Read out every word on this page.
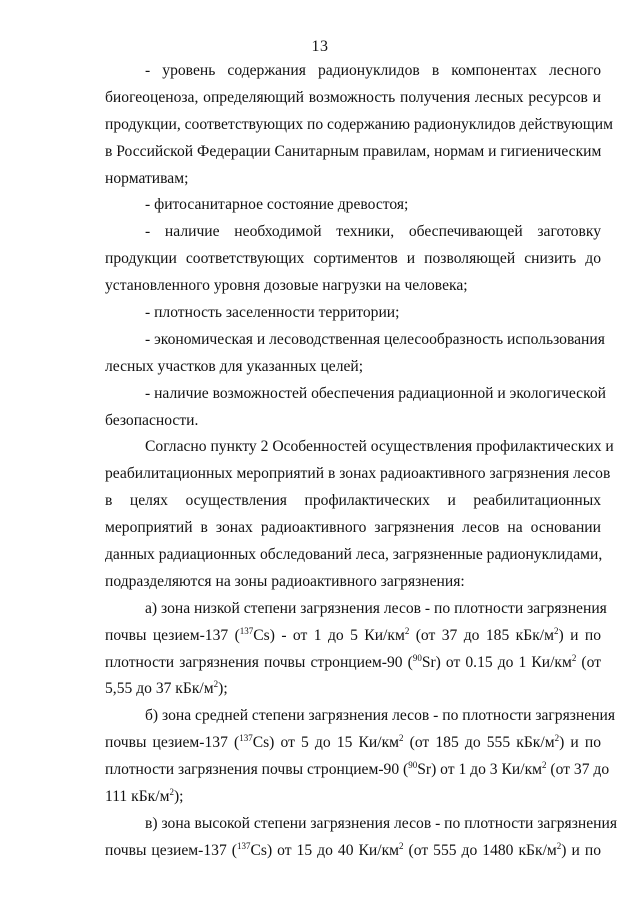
13
- уровень содержания радионуклидов в компонентах лесного
биогеоценоза, определяющий возможность получения лесных ресурсов и
продукции, соответствующих по содержанию радионуклидов действующим
в Российской Федерации Санитарным правилам, нормам и гигиеническим
нормативам;
- фитосанитарное состояние древостоя;
- наличие необходимой техники, обеспечивающей заготовку
продукции соответствующих сортиментов и позволяющей снизить до
установленного уровня дозовые нагрузки на человека;
- плотность заселенности территории;
- экономическая и лесоводственная целесообразность использования
лесных участков для указанных целей;
- наличие возможностей обеспечения радиационной и экологической
безопасности.
Согласно пункту 2 Особенностей осуществления профилактических и
реабилитационных мероприятий в зонах радиоактивного загрязнения лесов
в целях осуществления профилактических и реабилитационных
мероприятий в зонах радиоактивного загрязнения лесов на основании
данных радиационных обследований леса, загрязненные радионуклидами,
подразделяются на зоны радиоактивного загрязнения:
а) зона низкой степени загрязнения лесов - по плотности загрязнения
почвы цезием-137 ($^{137}$Cs) - от 1 до 5 $Ки/км^2$ (от 37 до 185 кБк/$м^2$) и по
плотности загрязнения почвы стронцием-90 ($^{90}$Sr) от 0.15 до 1 $Ки/км^2$ (от
5,55 до 37 кБк/$м^2$);
б) зона средней степени загрязнения лесов - по плотности загрязнения
почвы цезием-137 ($^{137}$Cs) от 5 до 15 $Ки/км^2$ (от 185 до 555 кБк/$м^2$) и по
плотности загрязнения почвы стронцием-90 ($^{90}$Sr) от 1 до 3 $Ки/км^2$ (от 37 до
111 кБк/$м^2$);
в) зона высокой степени загрязнения лесов - по плотности загрязнения
почвы цезием-137 ($^{137}$Cs) от 15 до 40 $Ки/км^2$ (от 555 до 1480 кБк/$м^2$) и по
